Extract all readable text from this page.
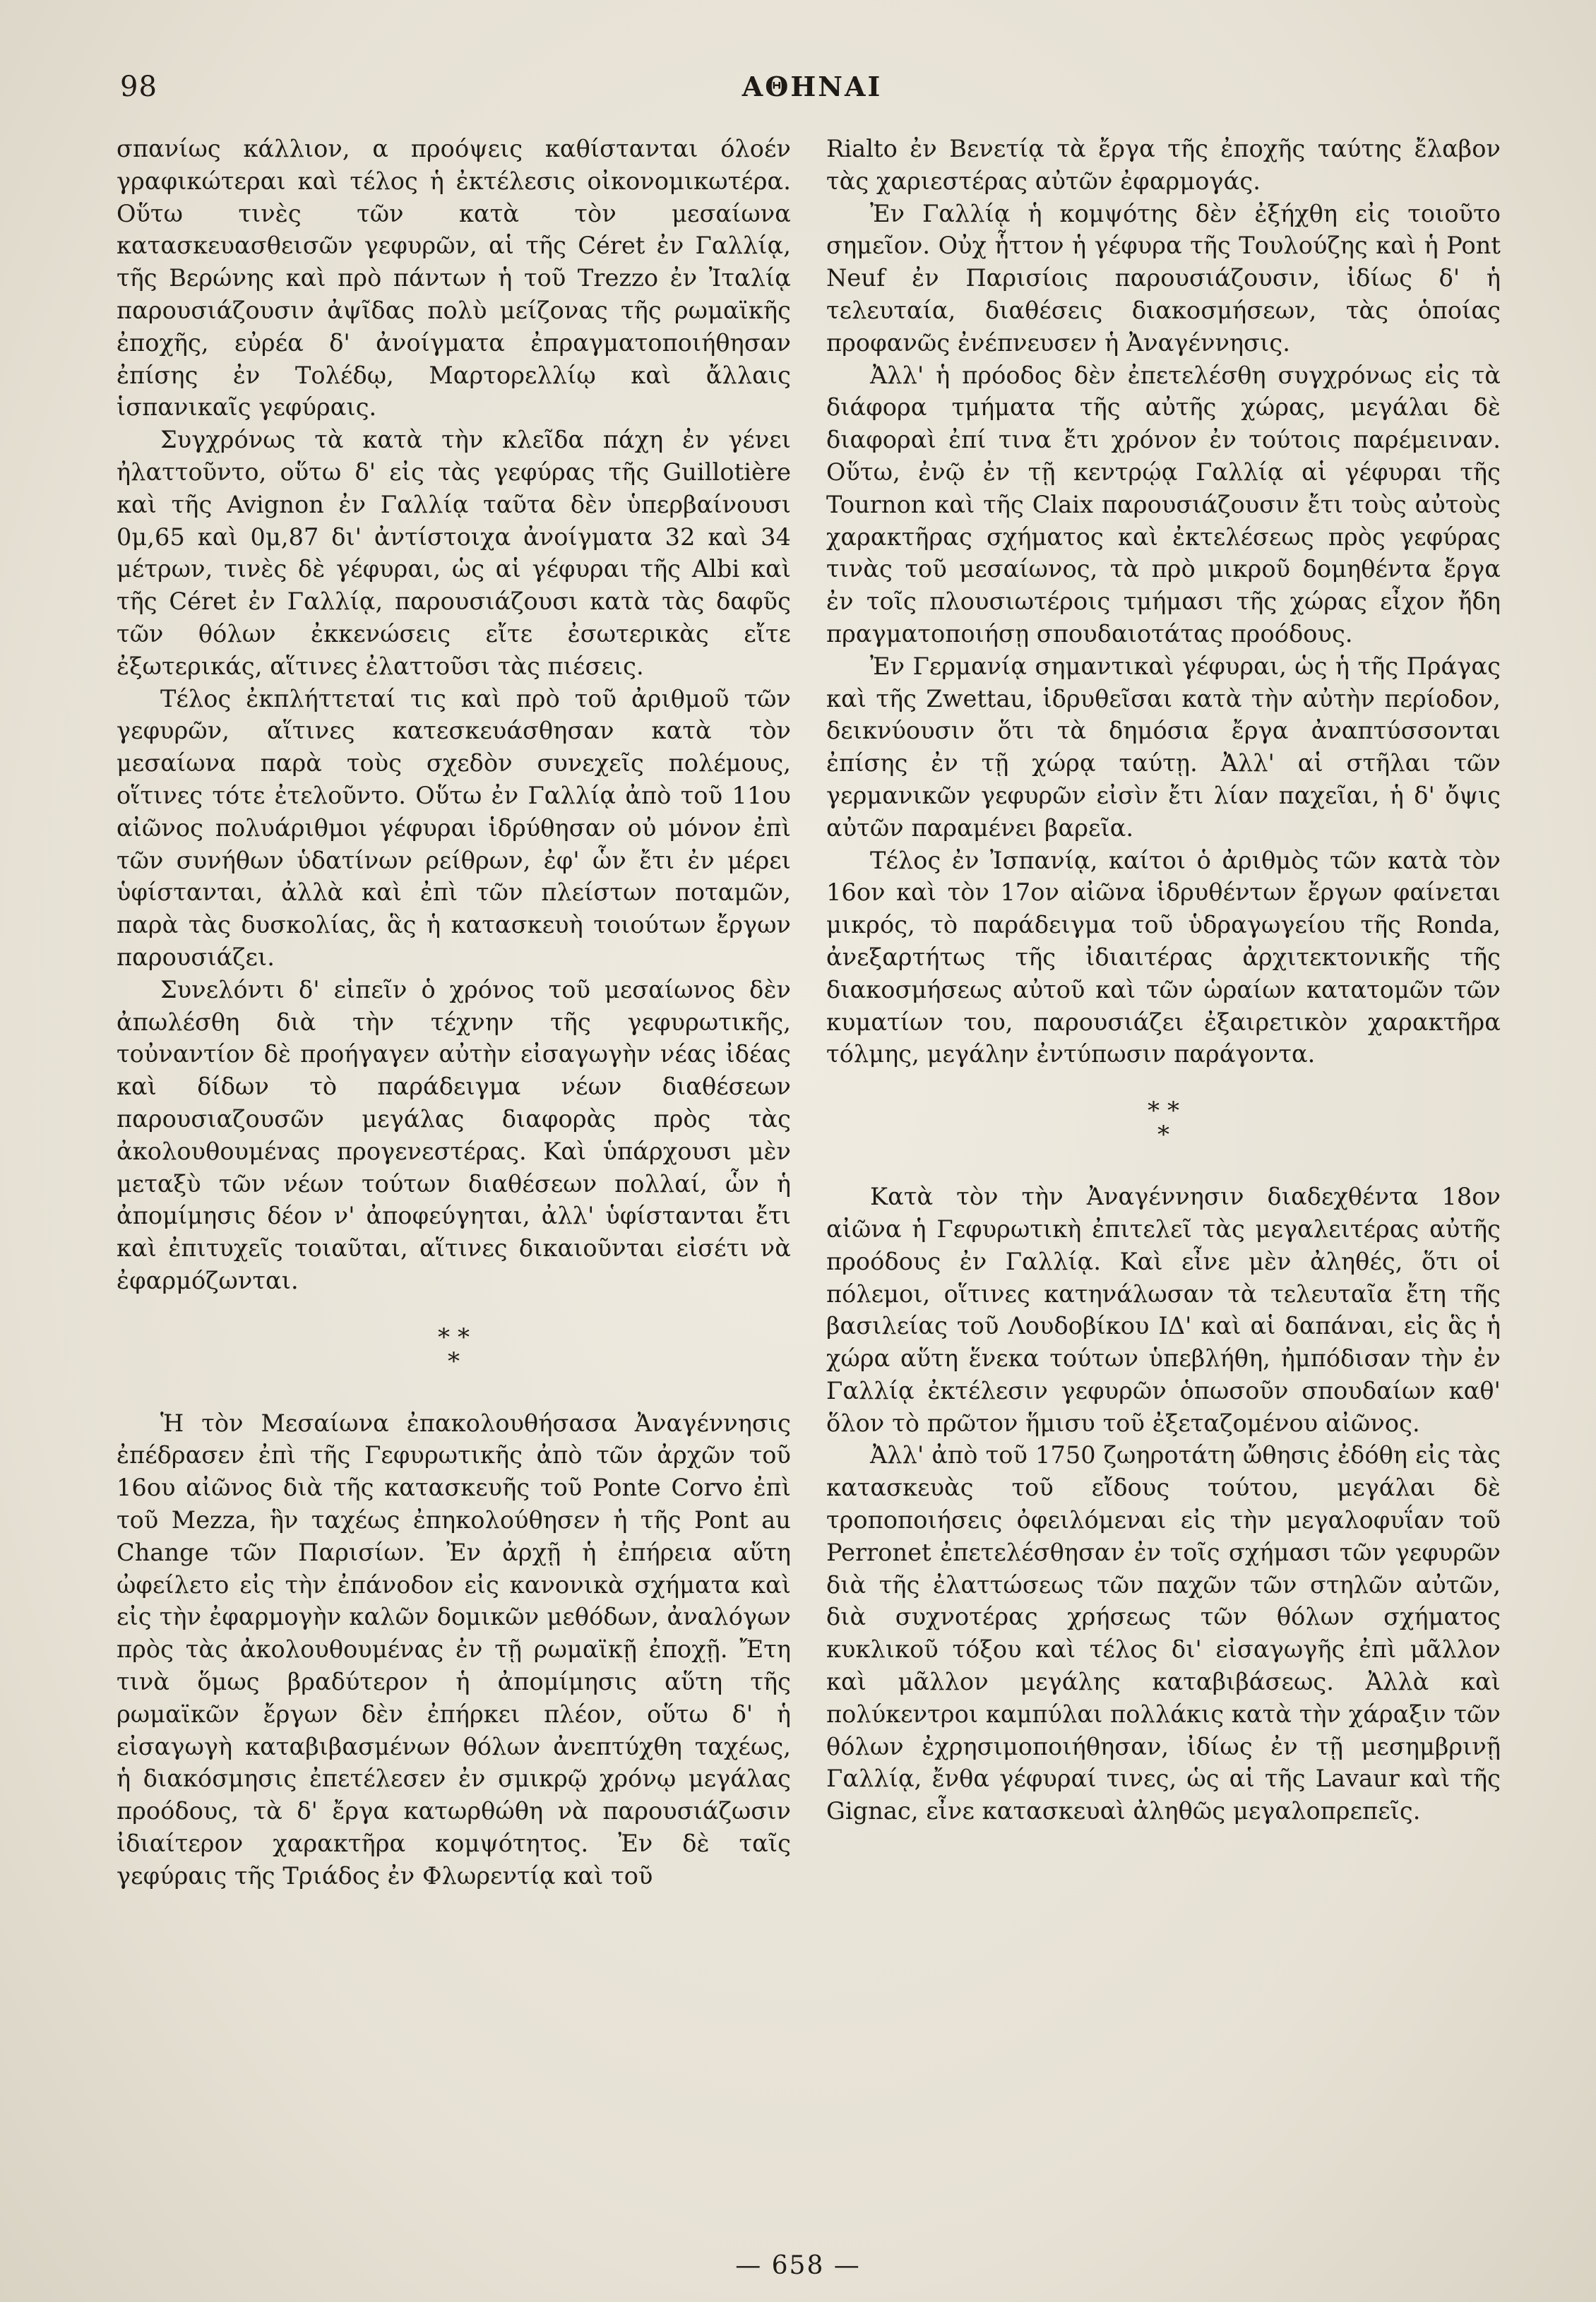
98	ΑΘΗΝΑΙ

σπανίως κάλλιον, α προόψεις καθίστανται όλοέν γραφικώτεραι καὶ τέλος ἡ ἐκτέλεσις οἰκονομικωτέρα. Οὕτω τινὲς τῶν κατὰ τὸν μεσαίωνα κατασκευασθεισῶν γεφυρῶν, αἱ τῆς Céret ἐν Γαλλίᾳ, τῆς Βερώνης καὶ πρὸ πάντων ἡ τοῦ Trezzo ἐν Ἰταλίᾳ παρουσιάζουσιν ἀψῖδας πολὺ μείζονας τῆς ρωμαϊκῆς ἐποχῆς, εὐρέα δ' ἀνοίγματα ἐπραγματοποιήθησαν ἐπίσης ἐν Τολέδῳ, Μαρτορελλίῳ καὶ ἄλλαις ἱσπανικαῖς γεφύραις.

Συγχρόνως τὰ κατὰ τὴν κλεῖδα πάχη ἐν γένει ἠλαττοῦντο, οὕτω δ' εἰς τὰς γεφύρας τῆς Guillotière καὶ τῆς Avignon ἐν Γαλλίᾳ ταῦτα δὲν ὑπερβαίνουσι 0μ,65 καὶ 0μ,87 δι' ἀντίστοιχα ἀνοίγματα 32 καὶ 34 μέτρων, τινὲς δὲ γέφυραι, ὡς αἱ γέφυραι τῆς Albi καὶ τῆς Céret ἐν Γαλλίᾳ, παρουσιάζουσι κατὰ τὰς δαφῦς τῶν θόλων ἐκκενώσεις εἴτε ἐσωτερικὰς εἴτε ἐξωτερικάς, αἵτινες ἐλαττοῦσι τὰς πιέσεις.

Τέλος ἐκπλήττεταί τις καὶ πρὸ τοῦ ἀριθμοῦ τῶν γεφυρῶν, αἵτινες κατεσκευάσθησαν κατὰ τὸν μεσαίωνα παρὰ τοὺς σχεδὸν συνεχεῖς πολέμους, οἵτινες τότε ἐτελοῦντο. Οὕτω ἐν Γαλλίᾳ ἀπὸ τοῦ 11ου αἰῶνος πολυάριθμοι γέφυραι ἱδρύθησαν οὐ μόνον ἐπὶ τῶν συνήθων ὑδατίνων ρείθρων, ἐφ' ὧν ἔτι ἐν μέρει ὑφίστανται, ἀλλὰ καὶ ἐπὶ τῶν πλείστων ποταμῶν, παρὰ τὰς δυσκολίας, ἃς ἡ κατασκευὴ τοιούτων ἔργων παρουσιάζει.

Συνελόντι δ' εἰπεῖν ὁ χρόνος τοῦ μεσαίωνος δὲν ἀπωλέσθη διὰ τὴν τέχνην τῆς γεφυρωτικῆς, τοὐναντίον δὲ προήγαγεν αὐτὴν εἰσαγωγὴν νέας ἰδέας καὶ δίδων τὸ παράδειγμα νέων διαθέσεων παρουσιαζουσῶν μεγάλας διαφορὰς πρὸς τὰς ἀκολουθουμένας προγενεστέρας. Καὶ ὑπάρχουσι μὲν μεταξὺ τῶν νέων τούτων διαθέσεων πολλαί, ὧν ἡ ἀπομίμησις δέον ν' ἀποφεύγηται, ἀλλ' ὑφίστανται ἔτι καὶ ἐπιτυχεῖς τοιαῦται, αἵτινες δικαιοῦνται εἰσέτι νὰ ἐφαρμόζωνται.

* *
*

Ἡ τὸν Μεσαίωνα ἐπακολουθήσασα Ἀναγέννησις ἐπέδρασεν ἐπὶ τῆς Γεφυρωτικῆς ἀπὸ τῶν ἀρχῶν τοῦ 16ου αἰῶνος διὰ τῆς κατασκευῆς τοῦ Ponte Corvo ἐπὶ τοῦ Mezza, ἣν ταχέως ἐπηκολούθησεν ἡ τῆς Pont au Change τῶν Παρισίων. Ἐν ἀρχῇ ἡ ἐπήρεια αὕτη ὠφείλετο εἰς τὴν ἐπάνοδον εἰς κανονικὰ σχήματα καὶ εἰς τὴν ἐφαρμογὴν καλῶν δομικῶν μεθόδων, ἀναλόγων πρὸς τὰς ἀκολουθουμένας ἐν τῇ ρωμαϊκῇ ἐποχῇ. Ἔτη τινὰ ὅμως βραδύτερον ἡ ἀπομίμησις αὕτη τῆς ρωμαϊκῶν ἔργων δὲν ἐπήρκει πλέον, οὕτω δ' ἡ εἰσαγωγὴ καταβιβασμένων θόλων ἀνεπτύχθη ταχέως, ἡ διακόσμησις ἐπετέλεσεν ἐν σμικρῷ χρόνῳ μεγάλας προόδους, τὰ δ' ἔργα κατωρθώθη νὰ παρουσιάζωσιν ἰδιαίτερον χαρακτῆρα κομψότητος. Ἐν δὲ ταῖς γεφύραις τῆς Τριάδος ἐν Φλωρεντίᾳ καὶ τοῦ

Rialto ἐν Βενετίᾳ τὰ ἔργα τῆς ἐποχῆς ταύτης ἔλαβον τὰς χαριεστέρας αὐτῶν ἐφαρμογάς.

Ἐν Γαλλίᾳ ἡ κομψότης δὲν ἐξήχθη εἰς τοιοῦτο σημεῖον. Οὐχ ἧττον ἡ γέφυρα τῆς Τουλούζης καὶ ἡ Pont Neuf ἐν Παρισίοις παρουσιάζουσιν, ἰδίως δ' ἡ τελευταία, διαθέσεις διακοσμήσεων, τὰς ὁποίας προφανῶς ἐνέπνευσεν ἡ Ἀναγέννησις.

Ἀλλ' ἡ πρόοδος δὲν ἐπετελέσθη συγχρόνως εἰς τὰ διάφορα τμήματα τῆς αὐτῆς χώρας, μεγάλαι δὲ διαφοραὶ ἐπί τινα ἔτι χρόνον ἐν τούτοις παρέμειναν. Οὕτω, ἐνῷ ἐν τῇ κεντρῴᾳ Γαλλίᾳ αἱ γέφυραι τῆς Tournon καὶ τῆς Claix παρουσιάζουσιν ἔτι τοὺς αὐτοὺς χαρακτῆρας σχήματος καὶ ἐκτελέσεως πρὸς γεφύρας τινὰς τοῦ μεσαίωνος, τὰ πρὸ μικροῦ δομηθέντα ἔργα ἐν τοῖς πλουσιωτέροις τμήμασι τῆς χώρας εἶχον ἤδη πραγματοποιήσῃ σπουδαιοτάτας προόδους.

Ἐν Γερμανίᾳ σημαντικαὶ γέφυραι, ὡς ἡ τῆς Πράγας καὶ τῆς Zwettau, ἱδρυθεῖσαι κατὰ τὴν αὐτὴν περίοδον, δεικνύουσιν ὅτι τὰ δημόσια ἔργα ἀναπτύσσονται ἐπίσης ἐν τῇ χώρᾳ ταύτῃ. Ἀλλ' αἱ στῆλαι τῶν γερμανικῶν γεφυρῶν εἰσὶν ἔτι λίαν παχεῖαι, ἡ δ' ὄψις αὐτῶν παραμένει βαρεῖα.

Τέλος ἐν Ἰσπανίᾳ, καίτοι ὁ ἀριθμὸς τῶν κατὰ τὸν 16ον καὶ τὸν 17ον αἰῶνα ἱδρυθέντων ἔργων φαίνεται μικρός, τὸ παράδειγμα τοῦ ὑδραγωγείου τῆς Ronda, ἀνεξαρτήτως τῆς ἰδιαιτέρας ἀρχιτεκτονικῆς τῆς διακοσμήσεως αὐτοῦ καὶ τῶν ὡραίων κατατομῶν τῶν κυματίων του, παρουσιάζει ἐξαιρετικὸν χαρακτῆρα τόλμης, μεγάλην ἐντύπωσιν παράγοντα.

* *
*

Κατὰ τὸν τὴν Ἀναγέννησιν διαδεχθέντα 18ον αἰῶνα ἡ Γεφυρωτικὴ ἐπιτελεῖ τὰς μεγαλειτέρας αὐτῆς προόδους ἐν Γαλλίᾳ. Καὶ εἶνε μὲν ἀληθές, ὅτι οἱ πόλεμοι, οἵτινες κατηνάλωσαν τὰ τελευταῖα ἔτη τῆς βασιλείας τοῦ Λουδοβίκου ΙΔ' καὶ αἱ δαπάναι, εἰς ἃς ἡ χώρα αὕτη ἕνεκα τούτων ὑπεβλήθη, ἠμπόδισαν τὴν ἐν Γαλλίᾳ ἐκτέλεσιν γεφυρῶν ὁπωσοῦν σπουδαίων καθ' ὅλον τὸ πρῶτον ἥμισυ τοῦ ἐξεταζομένου αἰῶνος.

Ἀλλ' ἀπὸ τοῦ 1750 ζωηροτάτη ὤθησις ἐδόθη εἰς τὰς κατασκευὰς τοῦ εἴδους τούτου, μεγάλαι δὲ τροποποιήσεις ὀφειλόμεναι εἰς τὴν μεγαλοφυΐαν τοῦ Perronet ἐπετελέσθησαν ἐν τοῖς σχήμασι τῶν γεφυρῶν διὰ τῆς ἐλαττώσεως τῶν παχῶν τῶν στηλῶν αὐτῶν, διὰ συχνοτέρας χρήσεως τῶν θόλων σχήματος κυκλικοῦ τόξου καὶ τέλος δι' εἰσαγωγῆς ἐπὶ μᾶλλον καὶ μᾶλλον μεγάλης καταβιβάσεως. Ἀλλὰ καὶ πολύκεντροι καμπύλαι πολλάκις κατὰ τὴν χάραξιν τῶν θόλων ἐχρησιμοποιήθησαν, ἰδίως ἐν τῇ μεσημβρινῇ Γαλλίᾳ, ἔνθα γέφυραί τινες, ὡς αἱ τῆς Lavaur καὶ τῆς Gignac, εἶνε κατασκευαὶ ἀληθῶς μεγαλοπρεπεῖς.

— 658 —
